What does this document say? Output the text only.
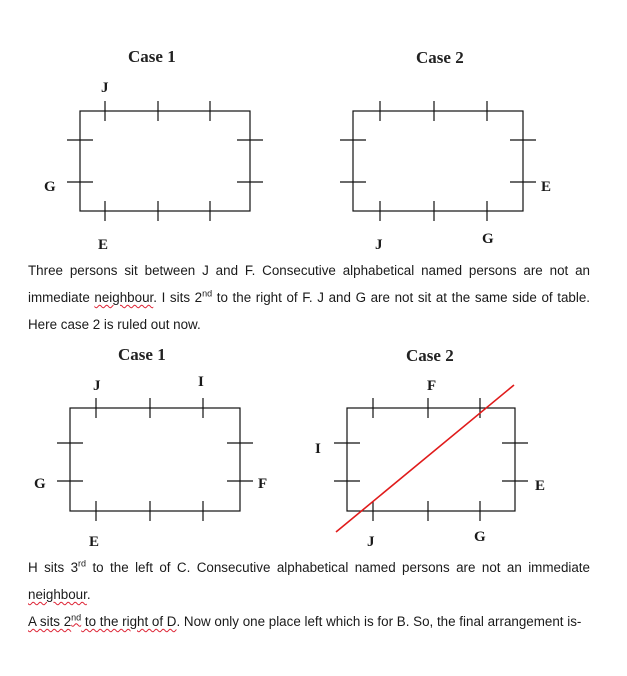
Case 1	Case 2
Case 1	Case 2
J
G
E
E
J	G
J	I
G	F
E
F
I
E
J	G
Three persons sit between J and F. Consecutive alphabetical named persons are not an immediate neighbour. I sits 2nd to the right of F. J and G are not sit at the same side of table. Here case 2 is ruled out now.
H sits 3rd to the left of C. Consecutive alphabetical named persons are not an immediate neighbour.
A sits 2nd to the right of D. Now only one place left which is for B. So, the final arrangement is-
